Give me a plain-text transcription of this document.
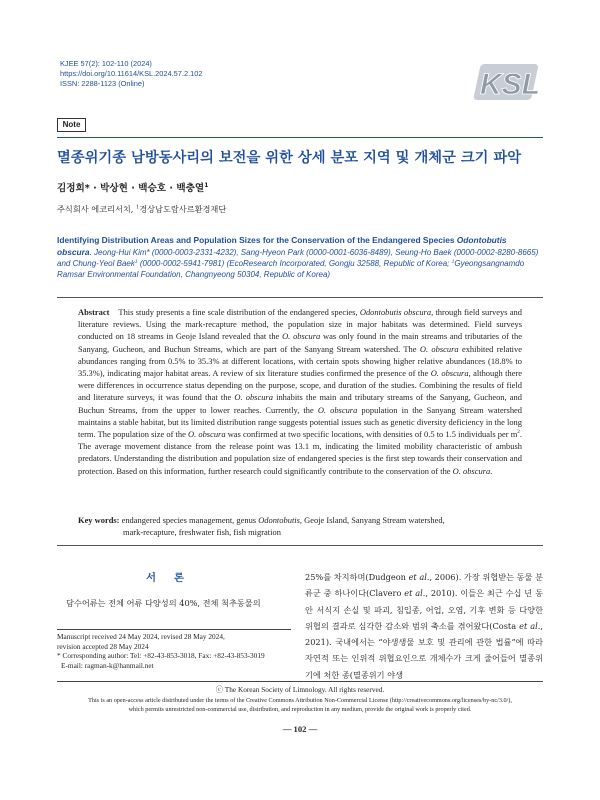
KJEE 57(2): 102-110 (2024)
https://doi.org/10.11614/KSL.2024.57.2.102
ISSN: 2288-1123 (Online)	KSL
Note
멸종위기종 남방동사리의 보전을 위한 상세 분포 지역 및 개체군 크기 파악
김정희* · 박상현 · 백승호 · 백충열$^1$
주식회사 에코리서치, $^1$경상남도람사르환경재단
Identifying Distribution Areas and Population Sizes for the Conservation of the Endangered Species Odontobutis obscura. Jeong-Hui Kim* (0000-0003-2331-4232), Sang-Hyeon Park (0000-0001-6036-8489), Seung-Ho Baek (0000-0002-8280-8665) and Chung-Yeol Baek$^1$ (0000-0002-5941-7981) (EcoResearch Incorporated, Gongju 32588, Republic of Korea; $^1$Gyeongsangnamdo Ramsar Environmental Foundation, Changnyeong 50304, Republic of Korea)
Abstract This study presents a fine scale distribution of the endangered species, Odontobutis obscura, through field surveys and literature reviews. Using the mark-recapture method, the population size in major habitats was determined. Field surveys conducted on 18 streams in Geoje Island revealed that the O. obscura was only found in the main streams and tributaries of the Sanyang, Gucheon, and Buchun Streams, which are part of the Sanyang Stream watershed. The O. obscura exhibited relative abundances ranging from 0.5% to 35.3% at different locations, with certain spots showing higher relative abundances (18.8% to 35.3%), indicating major habitat areas. A review of six literature studies confirmed the presence of the O. obscura, although there were differences in occurrence status depending on the purpose, scope, and duration of the studies. Combining the results of field and literature surveys, it was found that the O. obscura inhabits the main and tributary streams of the Sanyang, Gucheon, and Buchun Streams, from the upper to lower reaches. Currently, the O. obscura population in the Sanyang Stream watershed maintains a stable habitat, but its limited distribution range suggests potential issues such as genetic diversity deficiency in the long term. The population size of the O. obscura was confirmed at two specific locations, with densities of 0.5 to 1.5 individuals per $m^2$. The average movement distance from the release point was 13.1 m, indicating the limited mobility characteristic of ambush predators. Understanding the distribution and population size of endangered species is the first step towards their conservation and protection. Based on this information, further research could significantly contribute to the conservation of the O. obscura.
Key words: endangered species management, genus Odontobutis, Geoje Island, Sanyang Stream watershed,
mark-recapture, freshwater fish, fish migration
서론
담수어류는 전체 어류 다양성의 40%, 전체 척추동물의
Manuscript received 24 May 2024, revised 28 May 2024,
revision accepted 28 May 2024
* Corresponding author: Tel: +82-43-853-3018, Fax: +82-43-853-3019
E-mail: ragman-k@hanmail.net
25%를 차지하며(Dudgeon et al., 2006). 가장 위협받는 동물 분류군 중 하나이다(Clavero et al., 2010). 이들은 최근 수십 년 동안 서식지 손실 및 파괴, 침입종, 어업, 오염, 기후 변화 등 다양한 위협의 결과로 심각한 감소와 범위 축소를 겪어왔다(Costa et al., 2021). 국내에서는 “야생생물 보호 및 관리에 관한 법률”에 따라 자연적 또는 인위적 위협요인으로 개체수가 크게 줄어들어 멸종위기에 처한 종(멸종위기 야생
ⓒ The Korean Society of Limnology. All rights reserved.
This is an open-access article distributed under the terms of the Creative Commons Attribution Non-Commercial License (http://creativecommons.org/licenses/by-nc/3.0/),
which permits unrestricted non-commercial use, distribution, and reproduction in any medium, provide the original work is properly cited.
— 102 —
